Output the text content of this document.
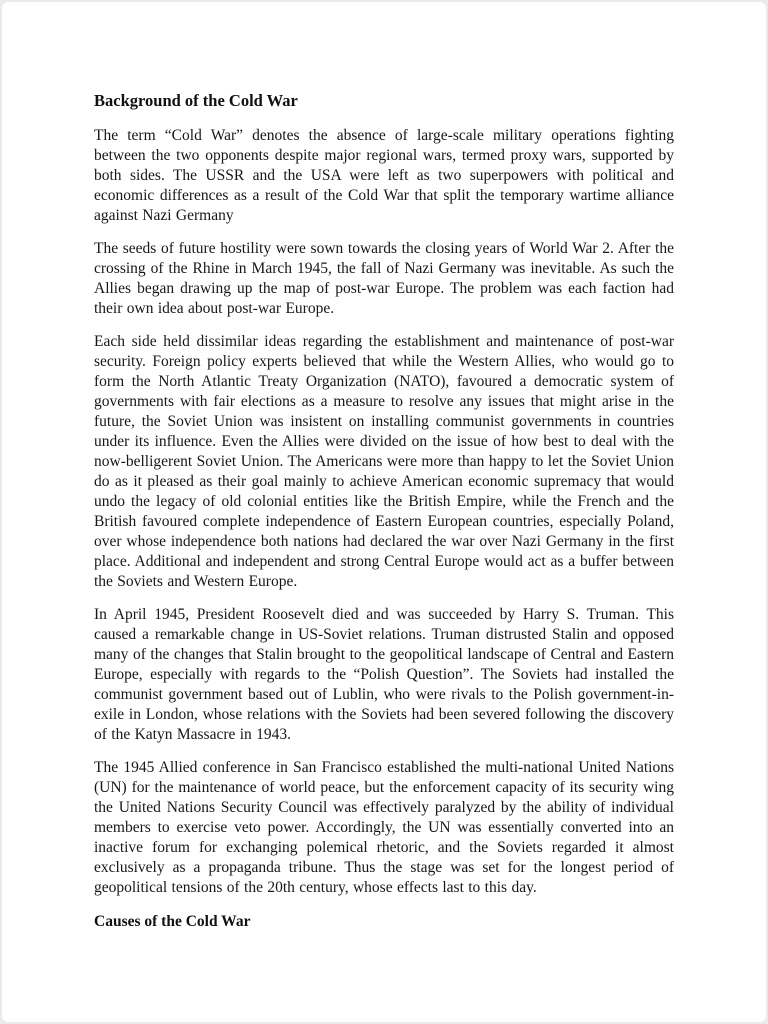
Background of the Cold War

The term “Cold War” denotes the absence of large-scale military operations fighting between the two opponents despite major regional wars, termed proxy wars, supported by both sides. The USSR and the USA were left as two superpowers with political and economic differences as a result of the Cold War that split the temporary wartime alliance against Nazi Germany

The seeds of future hostility were sown towards the closing years of World War 2. After the crossing of the Rhine in March 1945, the fall of Nazi Germany was inevitable. As such the Allies began drawing up the map of post-war Europe. The problem was each faction had their own idea about post-war Europe.

Each side held dissimilar ideas regarding the establishment and maintenance of post-war security. Foreign policy experts believed that while the Western Allies, who would go to form the North Atlantic Treaty Organization (NATO), favoured a democratic system of governments with fair elections as a measure to resolve any issues that might arise in the future, the Soviet Union was insistent on installing communist governments in countries under its influence. Even the Allies were divided on the issue of how best to deal with the now-belligerent Soviet Union. The Americans were more than happy to let the Soviet Union do as it pleased as their goal mainly to achieve American economic supremacy that would undo the legacy of old colonial entities like the British Empire, while the French and the British favoured complete independence of Eastern European countries, especially Poland, over whose independence both nations had declared the war over Nazi Germany in the first place. Additional and independent and strong Central Europe would act as a buffer between the Soviets and Western Europe.

In April 1945, President Roosevelt died and was succeeded by Harry S. Truman. This caused a remarkable change in US-Soviet relations. Truman distrusted Stalin and opposed many of the changes that Stalin brought to the geopolitical landscape of Central and Eastern Europe, especially with regards to the “Polish Question”. The Soviets had installed the communist government based out of Lublin, who were rivals to the Polish government-in-exile in London, whose relations with the Soviets had been severed following the discovery of the Katyn Massacre in 1943.

The 1945 Allied conference in San Francisco established the multi-national United Nations (UN) for the maintenance of world peace, but the enforcement capacity of its security wing the United Nations Security Council was effectively paralyzed by the ability of individual members to exercise veto power. Accordingly, the UN was essentially converted into an inactive forum for exchanging polemical rhetoric, and the Soviets regarded it almost exclusively as a propaganda tribune. Thus the stage was set for the longest period of geopolitical tensions of the 20th century, whose effects last to this day.

Causes of the Cold War
